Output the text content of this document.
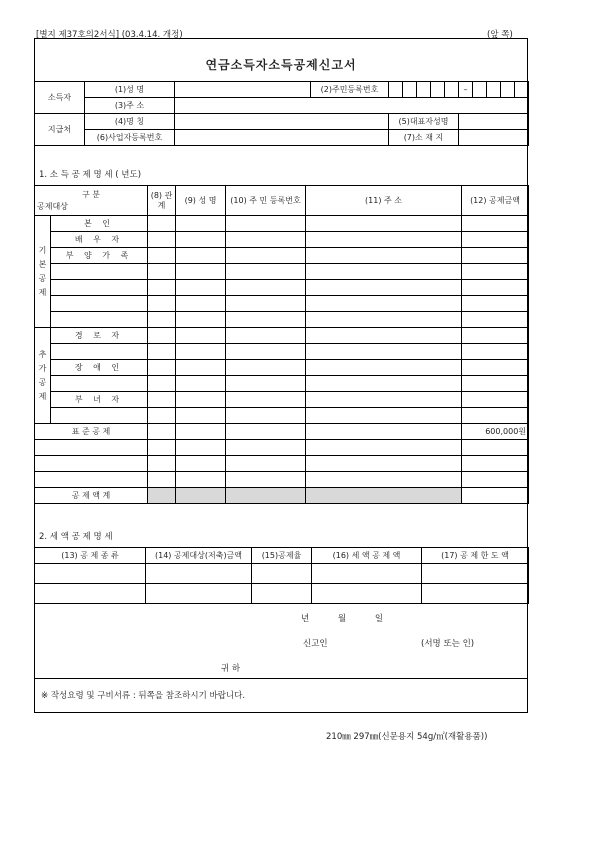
[별지 제37호의2서식] (03.4.14. 개정)	(앞 쪽)
연금소득자소득공제신고서
소득자	(1)성 명		(2)주민등록번호						–				
	(3)주 소												
지급처	(4)명 칭			(5)대표자성명									
	(6)사업자등록번호			(7)소 재 지									
1. 소 득 공 제 명 세 ( 년도)
구 분
공제대상		(8) 관 계	(9) 성 명	(10) 주 민 등록번호	(11) 주 소	(12) 공제금액
기 본 공 제	본 인					
	배 우 자					
	부 양 가 족					

추 가 공 제	경 로 자					

	장 애 인					

	부 녀 자					

표 준 공 제						600,000원

공 제 액 계						
2. 세 액 공 제 명 세
(13) 공 제 종 류	(14) 공제대상(저축)금액	(15)공제율	(16) 세 액 공 제 액	(17) 공 제 한 도 액

년 월 일
신고인	(서명 또는 인)
귀 하
※ 작성요령 및 구비서류 : 뒤쪽을 참조하시기 바랍니다.
210㎜ 297㎜(신문용지 54g/㎡(재활용품))
